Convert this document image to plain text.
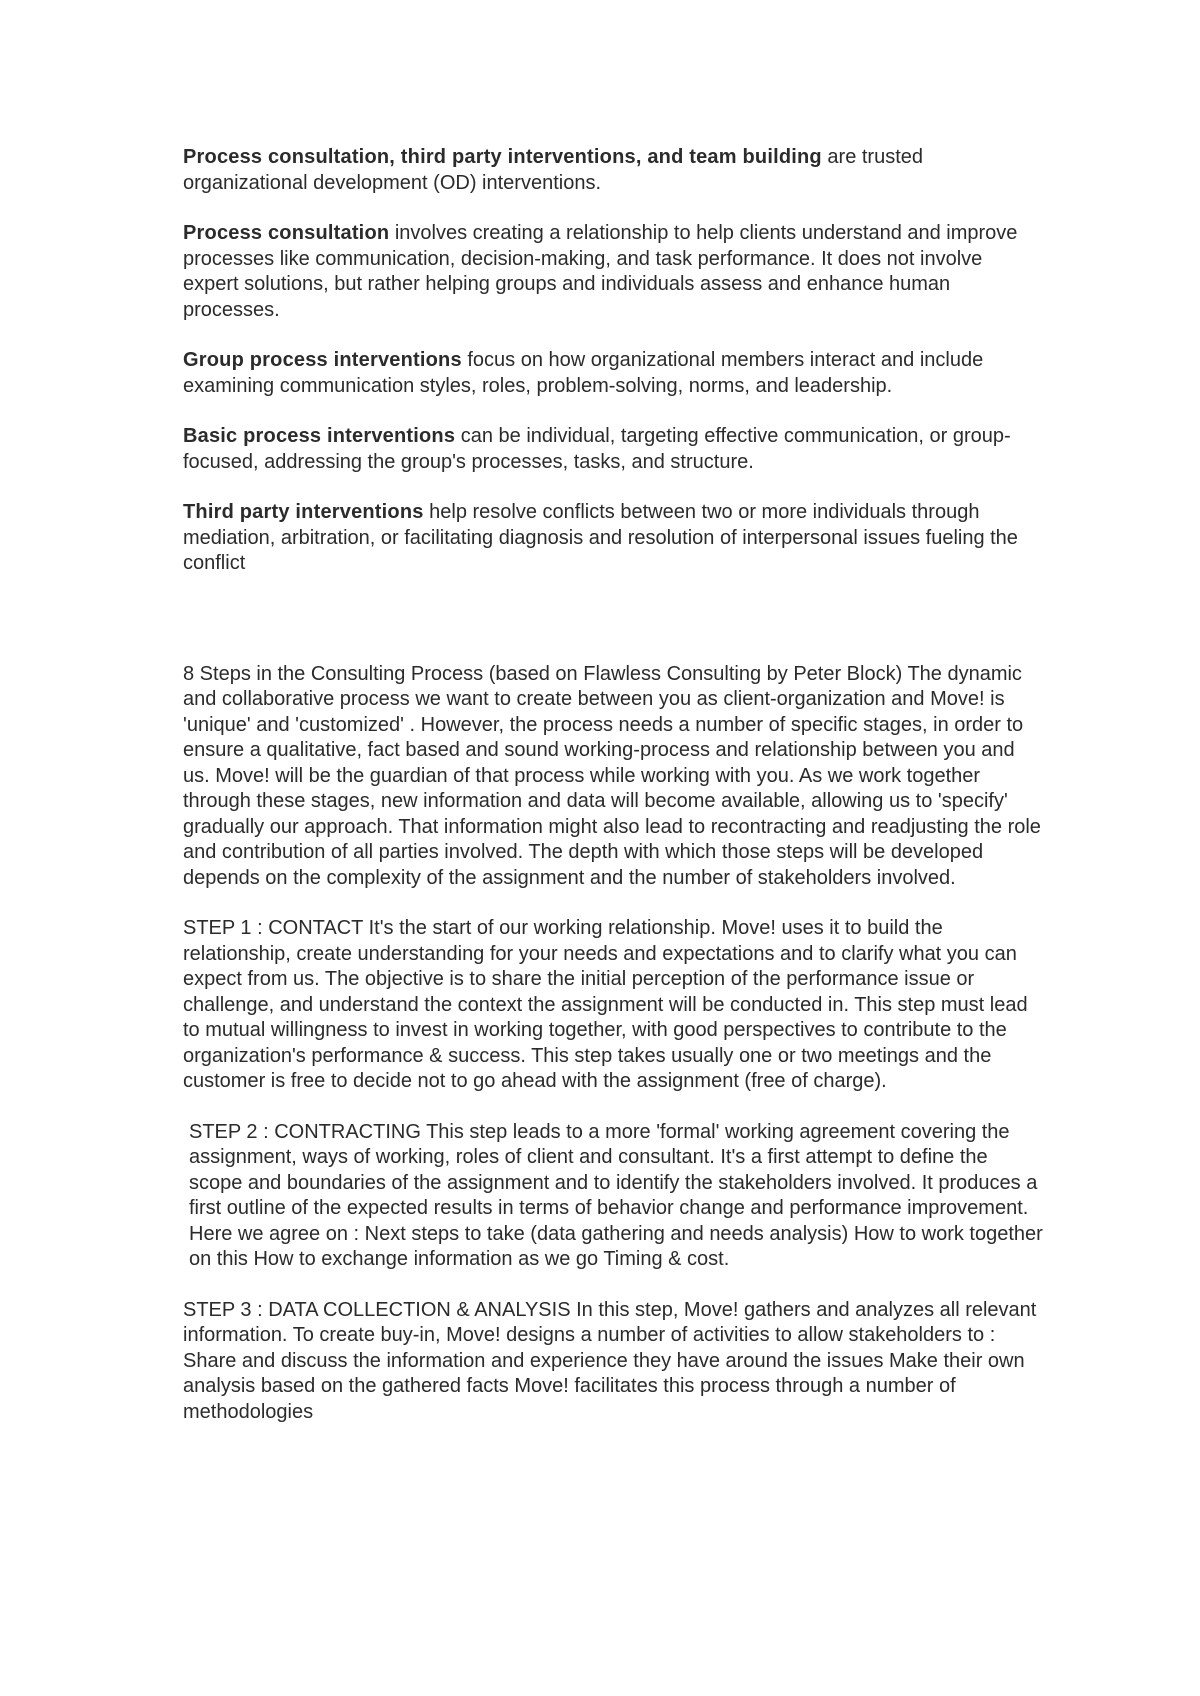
Process consultation, third party interventions, and team building are trusted organizational development (OD) interventions.

Process consultation involves creating a relationship to help clients understand and improve processes like communication, decision-making, and task performance. It does not involve expert solutions, but rather helping groups and individuals assess and enhance human processes.

Group process interventions focus on how organizational members interact and include examining communication styles, roles, problem-solving, norms, and leadership.

Basic process interventions can be individual, targeting effective communication, or group-focused, addressing the group's processes, tasks, and structure.

Third party interventions help resolve conflicts between two or more individuals through mediation, arbitration, or facilitating diagnosis and resolution of interpersonal issues fueling the conflict

8 Steps in the Consulting Process (based on Flawless Consulting by Peter Block) The dynamic and collaborative process we want to create between you as client-organization and Move! is 'unique' and 'customized' . However, the process needs a number of specific stages, in order to ensure a qualitative, fact based and sound working-process and relationship between you and us. Move! will be the guardian of that process while working with you. As we work together through these stages, new information and data will become available, allowing us to 'specify' gradually our approach. That information might also lead to recontracting and readjusting the role and contribution of all parties involved. The depth with which those steps will be developed depends on the complexity of the assignment and the number of stakeholders involved.

STEP 1 : CONTACT It's the start of our working relationship. Move! uses it to build the relationship, create understanding for your needs and expectations and to clarify what you can expect from us. The objective is to share the initial perception of the performance issue or challenge, and understand the context the assignment will be conducted in. This step must lead to mutual willingness to invest in working together, with good perspectives to contribute to the organization's performance & success. This step takes usually one or two meetings and the customer is free to decide not to go ahead with the assignment (free of charge).

STEP 2 : CONTRACTING This step leads to a more 'formal' working agreement covering the assignment, ways of working, roles of client and consultant. It's a first attempt to define the scope and boundaries of the assignment and to identify the stakeholders involved. It produces a first outline of the expected results in terms of behavior change and performance improvement. Here we agree on : Next steps to take (data gathering and needs analysis) How to work together on this How to exchange information as we go Timing & cost.

STEP 3 : DATA COLLECTION & ANALYSIS In this step, Move! gathers and analyzes all relevant information. To create buy-in, Move! designs a number of activities to allow stakeholders to : Share and discuss the information and experience they have around the issues Make their own analysis based on the gathered facts Move! facilitates this process through a number of methodologies
